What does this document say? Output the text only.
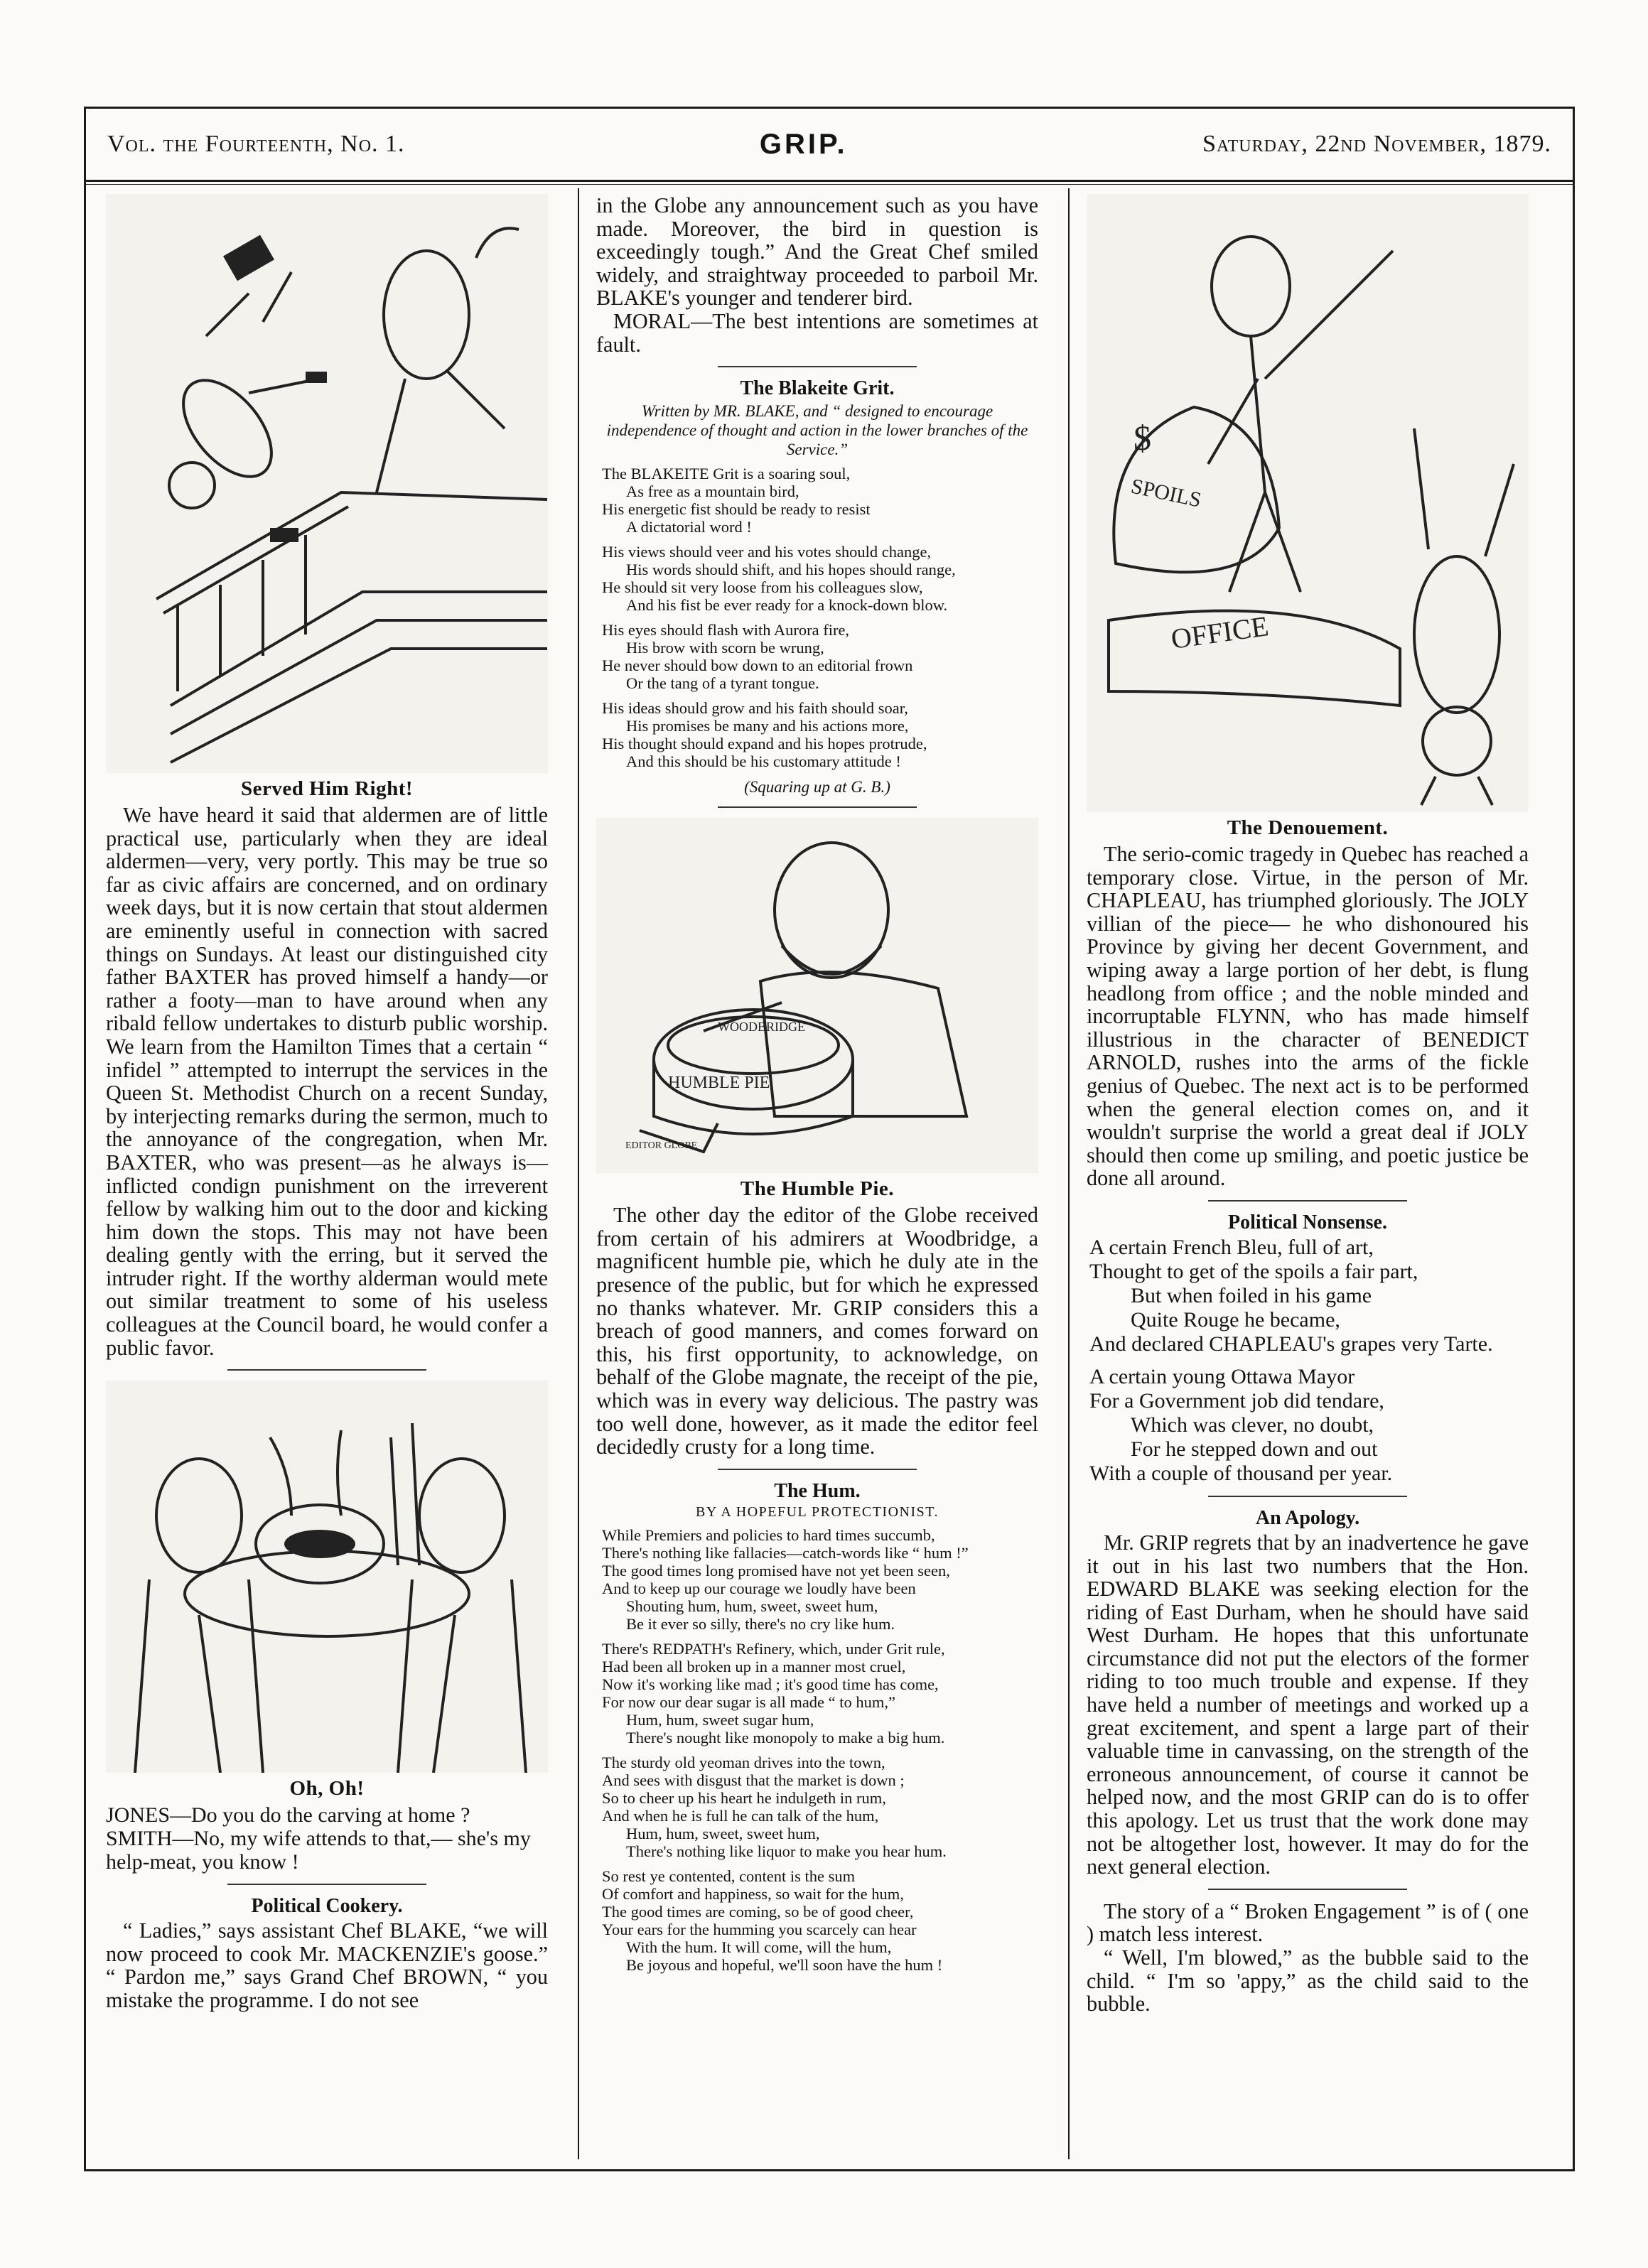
Vol. the Fourteenth, No. 1.	GRIP.	Saturday, 22nd November, 1879.
Served Him Right!

We have heard it said that aldermen are of little practical use, particularly when they are ideal aldermen—very, very portly. This may be true so far as civic affairs are concerned, and on ordinary week days, but it is now certain that stout aldermen are eminently useful in connection with sacred things on Sundays. At least our distinguished city father BAXTER has proved himself a handy—or rather a footy—man to have around when any ribald fellow undertakes to disturb public worship. We learn from the Hamilton Times that a certain “ infidel ” attempted to interrupt the services in the Queen St. Methodist Church on a recent Sunday, by interjecting remarks during the sermon, much to the annoyance of the congregation, when Mr. BAXTER, who was present—as he always is—inflicted condign punishment on the irreverent fellow by walking him out to the door and kicking him down the stops. This may not have been dealing gently with the erring, but it served the intruder right. If the worthy alderman would mete out similar treatment to some of his useless colleagues at the Council board, he would confer a public favor.

Oh, Oh!

JONES—Do you do the carving at home ?

SMITH—No, my wife attends to that,— she's my help-meat, you know !

Political Cookery.

“ Ladies,” says assistant Chef BLAKE, “we will now proceed to cook Mr. MACKENZIE's goose.” “ Pardon me,” says Grand Chef BROWN, “ you mistake the programme. I do not see

in the Globe any announcement such as you have made. Moreover, the bird in question is exceedingly tough.” And the Great Chef smiled widely, and straightway proceeded to parboil Mr. BLAKE's younger and tenderer bird.

MORAL—The best intentions are sometimes at fault.

The Blakeite Grit.
Written by MR. BLAKE, and “ designed to encourage independence of thought and action in the lower branches of the Service.”
The BLAKEITE Grit is a soaring soul,
As free as a mountain bird,
His energetic fist should be ready to resist
A dictatorial word !
His views should veer and his votes should change,
His words should shift, and his hopes should range,
He should sit very loose from his colleagues slow,
And his fist be ever ready for a knock-down blow.
His eyes should flash with Aurora fire,
His brow with scorn be wrung,
He never should bow down to an editorial frown
Or the tang of a tyrant tongue.
His ideas should grow and his faith should soar,
His promises be many and his actions more,
His thought should expand and his hopes protrude,
And this should be his customary attitude !
(Squaring up at G. B.)
WOODBRIDGE
HUMBLE PIE
EDITOR GLOBE
The Humble Pie.

The other day the editor of the Globe received from certain of his admirers at Woodbridge, a magnificent humble pie, which he duly ate in the presence of the public, but for which he expressed no thanks whatever. Mr. GRIP considers this a breach of good manners, and comes forward on this, his first opportunity, to acknowledge, on behalf of the Globe magnate, the receipt of the pie, which was in every way delicious. The pastry was too well done, however, as it made the editor feel decidedly crusty for a long time.

The Hum.
BY A HOPEFUL PROTECTIONIST.
While Premiers and policies to hard times succumb,
There's nothing like fallacies—catch-words like “ hum !”
The good times long promised have not yet been seen,
And to keep up our courage we loudly have been
Shouting hum, hum, sweet, sweet hum,
Be it ever so silly, there's no cry like hum.
There's REDPATH's Refinery, which, under Grit rule,
Had been all broken up in a manner most cruel,
Now it's working like mad ; it's good time has come,
For now our dear sugar is all made “ to hum,”
Hum, hum, sweet sugar hum,
There's nought like monopoly to make a big hum.
The sturdy old yeoman drives into the town,
And sees with disgust that the market is down ;
So to cheer up his heart he indulgeth in rum,
And when he is full he can talk of the hum,
Hum, hum, sweet, sweet hum,
There's nothing like liquor to make you hear hum.
So rest ye contented, content is the sum
Of comfort and happiness, so wait for the hum,
The good times are coming, so be of good cheer,
Your ears for the humming you scarcely can hear
With the hum. It will come, will the hum,
Be joyous and hopeful, we'll soon have the hum !
$
SPOILS
OFFICE
The Denouement.

The serio-comic tragedy in Quebec has reached a temporary close. Virtue, in the person of Mr. CHAPLEAU, has triumphed gloriously. The JOLY villian of the piece— he who dishonoured his Province by giving her decent Government, and wiping away a large portion of her debt, is flung headlong from office ; and the noble minded and incorruptable FLYNN, who has made himself illustrious in the character of BENEDICT ARNOLD, rushes into the arms of the fickle genius of Quebec. The next act is to be performed when the general election comes on, and it wouldn't surprise the world a great deal if JOLY should then come up smiling, and poetic justice be done all around.

Political Nonsense.
A certain French Bleu, full of art,
Thought to get of the spoils a fair part,
But when foiled in his game
Quite Rouge he became,
And declared CHAPLEAU's grapes very Tarte.
A certain young Ottawa Mayor
For a Government job did tendare,
Which was clever, no doubt,
For he stepped down and out
With a couple of thousand per year.
An Apology.

Mr. GRIP regrets that by an inadvertence he gave it out in his last two numbers that the Hon. EDWARD BLAKE was seeking election for the riding of East Durham, when he should have said West Durham. He hopes that this unfortunate circumstance did not put the electors of the former riding to too much trouble and expense. If they have held a number of meetings and worked up a great excitement, and spent a large part of their valuable time in canvassing, on the strength of the erroneous announcement, of course it cannot be helped now, and the most GRIP can do is to offer this apology. Let us trust that the work done may not be altogether lost, however. It may do for the next general election.

The story of a “ Broken Engagement ” is of ( one ) match less interest.

“ Well, I'm blowed,” as the bubble said to the child. “ I'm so 'appy,” as the child said to the bubble.
